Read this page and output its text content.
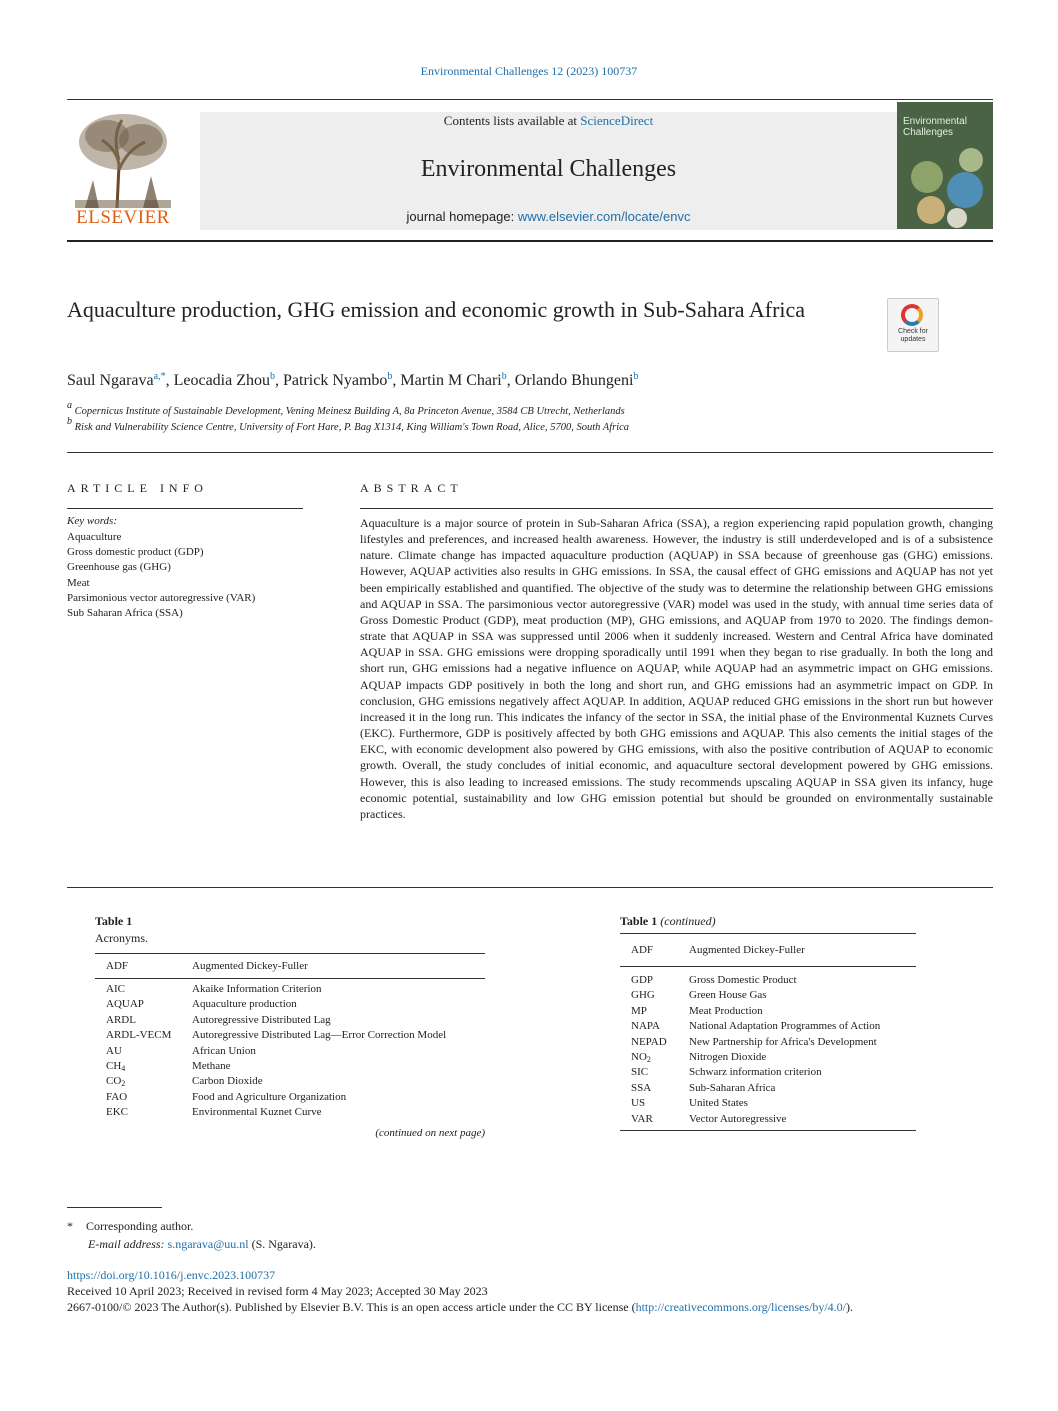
Environmental Challenges 12 (2023) 100737
ELSEVIER
Contents lists available at ScienceDirect
Environmental Challenges
journal homepage: www.elsevier.com/locate/envc
Environmental Challenges
Aquaculture production, GHG emission and economic growth in Sub-Sahara Africa
Check for
updates
Saul Ngarava$^{a,*}$, Leocadia Zhou$^b$, Patrick Nyambo$^b$, Martin M Chari$^b$, Orlando Bhungeni$^b$
$^a$ Copernicus Institute of Sustainable Development, Vening Meinesz Building A, 8a Princeton Avenue, 3584 CB Utrecht, Netherlands
$^b$ Risk and Vulnerability Science Centre, University of Fort Hare, P. Bag X1314, King William's Town Road, Alice, 5700, South Africa
ARTICLE INFO
Key words:
Aquaculture
Gross domestic product (GDP)
Greenhouse gas (GHG)
Meat
Parsimonious vector autoregressive (VAR)
Sub Saharan Africa (SSA)
ABSTRACT
Aquaculture is a major source of protein in Sub-Saharan Africa (SSA), a region experiencing rapid population growth, changing lifestyles and preferences, and increased health awareness. However, the industry is still underdeveloped and is of a subsistence nature. Climate change has impacted aquaculture production (AQUAP) in SSA because of greenhouse gas (GHG) emissions. However, AQUAP activities also results in GHG emissions. In SSA, the causal effect of GHG emissions and AQUAP has not yet been empirically established and quantified. The objective of the study was to determine the relationship between GHG emissions and AQUAP in SSA. The parsimonious vector autoregressive (VAR) model was used in the study, with annual time series data of Gross Domestic Product (GDP), meat production (MP), GHG emissions, and AQUAP from 1970 to 2020. The findings demonstrate that AQUAP in SSA was suppressed until 2006 when it suddenly increased. Western and Central Africa have dominated AQUAP in SSA. GHG emissions were dropping sporadically until 1991 when they began to rise gradually. In both the long and short run, GHG emissions had a negative influence on AQUAP, while AQUAP had an asymmetric impact on GHG emissions. AQUAP impacts GDP positively in both the long and short run, and GHG emissions had an asymmetric impact on GDP. In conclusion, GHG emissions negatively affect AQUAP. In addition, AQUAP reduced GHG emissions in the short run but however increased it in the long run. This indicates the infancy of the sector in SSA, the initial phase of the Environmental Kuznets Curves (EKC). Furthermore, GDP is positively affected by both GHG emissions and AQUAP. This also cements the initial stages of the EKC, with economic development also powered by GHG emissions, with also the positive contribution of AQUAP to economic growth. Overall, the study concludes of initial economic, and aquaculture sectoral development powered by GHG emissions. However, this is also leading to increased emissions. The study recommends upscaling AQUAP in SSA given its infancy, huge economic potential, sustainability and low GHG emission potential but should be grounded on environmentally sustainable practices.
Table 1
Acronyms.
ADF	Augmented Dickey-Fuller
AIC	Akaike Information Criterion
AQUAP	Aquaculture production
ARDL	Autoregressive Distributed Lag
ARDL-VECM Autoregressive Distributed Lag—Error Correction Model
AU	African Union
$CH_4$	Methane
$CO_2$	Carbon Dioxide
FAO	Food and Agriculture Organization
EKC	Environmental Kuznet Curve
(continued on next page)
Table 1 (continued)
ADF	Augmented Dickey-Fuller
GDP	Gross Domestic Product
GHG	Green House Gas
MP	Meat Production
NAPA	National Adaptation Programmes of Action
NEPAD New Partnership for Africa's Development
$NO_2$	Nitrogen Dioxide
SIC	Schwarz information criterion
SSA	Sub-Saharan Africa
US	United States
VAR	Vector Autoregressive
* Corresponding author.
E-mail address: s.ngarava@uu.nl (S. Ngarava).
https://doi.org/10.1016/j.envc.2023.100737
Received 10 April 2023; Received in revised form 4 May 2023; Accepted 30 May 2023
2667-0100/© 2023 The Author(s). Published by Elsevier B.V. This is an open access article under the CC BY license (http://creativecommons.org/licenses/by/4.0/).
